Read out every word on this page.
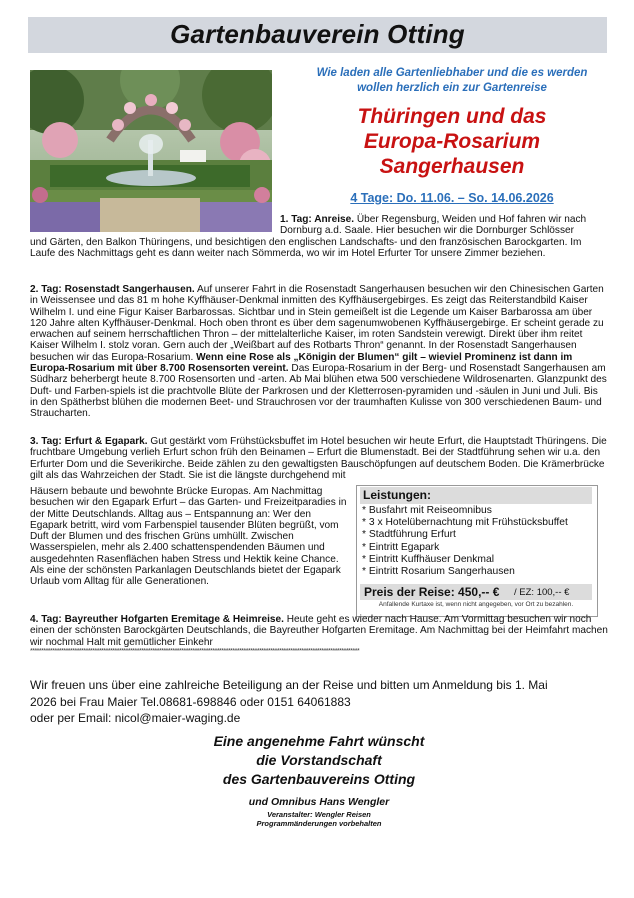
Gartenbauverein Otting
Wie laden alle Gartenliebhaber und die es werden
wollen herzlich ein zur Gartenreise
Thüringen und das
Europa-Rosarium
Sangerhausen
4 Tage: Do. 11.06. – So. 14.06.2026
1. Tag: Anreise. Über Regensburg, Weiden und Hof fahren wir nach Dornburg a.d. Saale. Hier besuchen wir die Dornburger Schlösser
und Gärten, den Balkon Thüringens, und besichtigen den englischen Landschafts- und den französischen Barockgarten. Im Laufe des Nachmittags geht es dann weiter nach Sömmerda, wo wir im Hotel Erfurter Tor unsere Zimmer beziehen.
2. Tag: Rosenstadt Sangerhausen. Auf unserer Fahrt in die Rosenstadt Sangerhausen besuchen wir den Chinesischen Garten in Weissensee und das 81 m hohe Kyffhäuser-Denkmal inmitten des Kyffhäusergebirges. Es zeigt das Reiterstandbild Kaiser Wilhelm I. und eine Figur Kaiser Barbarossas. Sichtbar und in Stein gemeißelt ist die Legende um Kaiser Barbarossa am über 120 Jahre alten Kyffhäuser-Denkmal. Hoch oben thront es über dem sagenumwobenen Kyffhäusergebirge. Er scheint gerade zu erwachen auf seinem herrschaftlichen Thron – der mittelalterliche Kaiser, im roten Sandstein verewigt. Direkt über ihm reitet Kaiser Wilhelm I. stolz voran. Gern auch der „Weißbart auf des Rotbarts Thron“ genannt. In der Rosenstadt Sangerhausen besuchen wir das Europa-Rosarium. Wenn eine Rose als „Königin der Blumen“ gilt – wieviel Prominenz ist dann im Europa-Rosarium mit über 8.700 Rosensorten vereint. Das Europa-Rosarium in der Berg- und Rosenstadt Sangerhausen am Südharz beherbergt heute 8.700 Rosensorten und -arten. Ab Mai blühen etwa 500 verschiedene Wildrosenarten. Glanzpunkt des Duft- und Farben-spiels ist die prachtvolle Blüte der Parkrosen und der Kletterrosen-pyramiden und -säulen in Juni und Juli. Bis in den Spätherbst blühen die modernen Beet- und Strauchrosen vor der traumhaften Kulisse von 300 verschiedenen Baum- und Straucharten.
3. Tag: Erfurt & Egapark. Gut gestärkt vom Frühstücksbuffet im Hotel besuchen wir heute Erfurt, die Hauptstadt Thüringens. Die fruchtbare Umgebung verlieh Erfurt schon früh den Beinamen – Erfurt die Blumenstadt. Bei der Stadtführung sehen wir u.a. den Erfurter Dom und die Severikirche. Beide zählen zu den gewaltigsten Bauschöpfungen auf deutschem Boden. Die Krämerbrücke gilt als das Wahrzeichen der Stadt. Sie ist die längste durchgehend mit
Häusern bebaute und bewohnte Brücke Europas. Am Nachmittag besuchen wir den Egapark Erfurt – das Garten- und Freizeitparadies in der Mitte Deutschlands. Alltag aus – Entspannung an: Wer den Egapark betritt, wird vom Farbenspiel tausender Blüten begrüßt, vom Duft der Blumen und des frischen Grüns umhüllt. Zwischen Wasserspielen, mehr als 2.400 schattenspendenden Bäumen und ausgedehnten Rasenflächen haben Stress und Hektik keine Chance. Als eine der schönsten Parkanlagen Deutschlands bietet der Egapark Urlaub vom Alltag für alle Generationen.
Leistungen:
* Busfahrt mit Reiseomnibus
* 3 x Hotelübernachtung mit Frühstücksbuffet
* Stadtführung Erfurt
* Eintritt Egapark
* Eintritt Kuffhäuser Denkmal
* Eintritt Rosarium Sangerhausen
Preis der Reise: 450,-- € / EZ: 100,-- €
Anfallende Kurtaxe ist, wenn nicht angegeben, vor Ort zu bezahlen.
4. Tag: Bayreuther Hofgarten Eremitage & Heimreise. Heute geht es wieder nach Hause. Am Vormittag besuchen wir noch einen der schönsten Barockgärten Deutschlands, die Bayreuther Hofgarten Eremitage. Am Nachmittag bei der Heimfahrt machen wir nochmal Halt mit gemütlicher Einkehr
****************************************************************************************************************************************************
Wir freuen uns über eine zahlreiche Beteiligung an der Reise und bitten um Anmeldung bis 1. Mai
2026 bei Frau Maier Tel.08681-698846 oder 0151 64061883
oder per Email: nicol@maier-waging.de
Eine angenehme Fahrt wünscht
die Vorstandschaft
des Gartenbauvereins Otting
und Omnibus Hans Wengler
Veranstalter: Wengler Reisen
Programmänderungen vorbehalten
